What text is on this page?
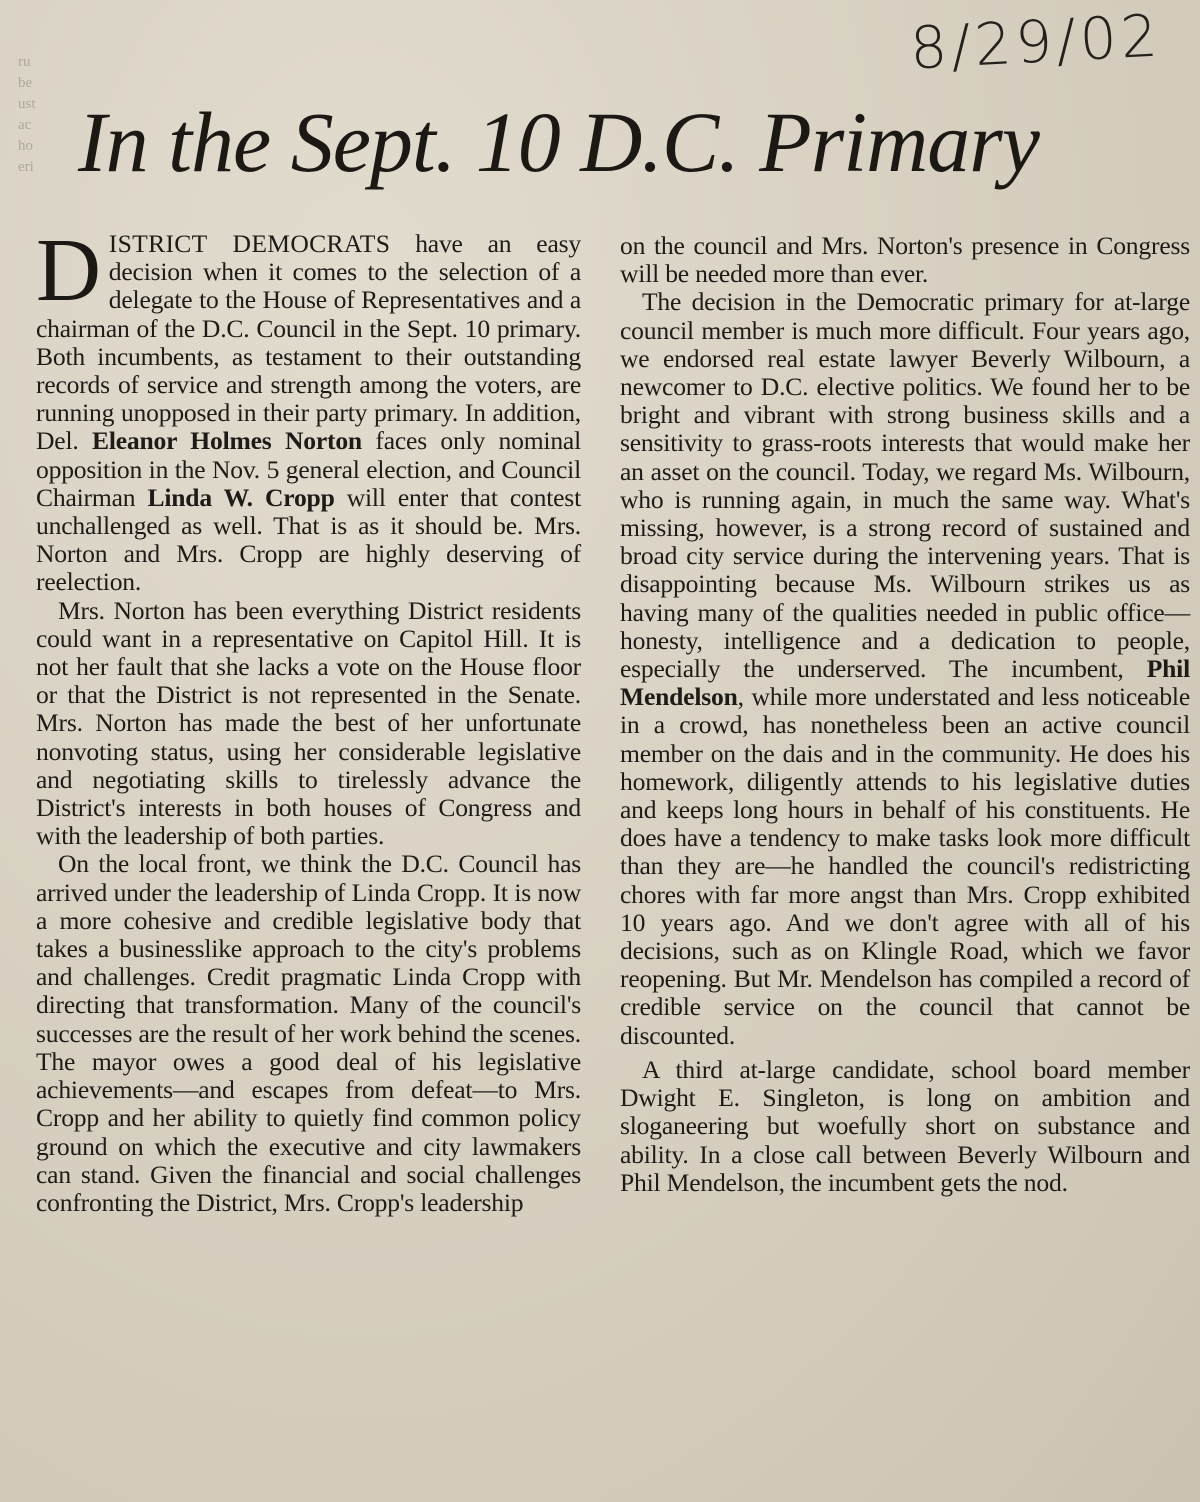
ru
be
ust
ac
ho
eri
8/29/02
In the Sept. 10 D.C. Primary

DISTRICT DEMOCRATS have an easy decision when it comes to the selection of a delegate to the House of Representatives and a chairman of the D.C. Council in the Sept. 10 primary. Both incumbents, as testament to their outstanding records of service and strength among the voters, are running unopposed in their party primary. In addition, Del. Eleanor Holmes Norton faces only nominal opposition in the Nov. 5 general election, and Council Chairman Linda W. Cropp will enter that contest unchallenged as well. That is as it should be. Mrs. Norton and Mrs. Cropp are highly deserving of reelection.

Mrs. Norton has been everything District residents could want in a representative on Capitol Hill. It is not her fault that she lacks a vote on the House floor or that the District is not represented in the Senate. Mrs. Norton has made the best of her unfortunate nonvoting status, using her considerable legislative and negotiating skills to tirelessly advance the District's interests in both houses of Congress and with the leadership of both parties.

On the local front, we think the D.C. Council has arrived under the leadership of Linda Cropp. It is now a more cohesive and credible legislative body that takes a businesslike approach to the city's problems and challenges. Credit pragmatic Linda Cropp with directing that transformation. Many of the council's successes are the result of her work behind the scenes. The mayor owes a good deal of his legislative achievements—and escapes from defeat—to Mrs. Cropp and her ability to quietly find common policy ground on which the executive and city lawmakers can stand. Given the financial and social challenges confronting the District, Mrs. Cropp's leadership

on the council and Mrs. Norton's presence in Congress will be needed more than ever.

The decision in the Democratic primary for at-large council member is much more difficult. Four years ago, we endorsed real estate lawyer Beverly Wilbourn, a newcomer to D.C. elective politics. We found her to be bright and vibrant with strong business skills and a sensitivity to grass-roots interests that would make her an asset on the council. Today, we regard Ms. Wilbourn, who is running again, in much the same way. What's missing, however, is a strong record of sustained and broad city service during the intervening years. That is disappointing because Ms. Wilbourn strikes us as having many of the qualities needed in public office—honesty, intelligence and a dedication to people, especially the underserved. The incumbent, Phil Mendelson, while more understated and less noticeable in a crowd, has nonetheless been an active council member on the dais and in the community. He does his homework, diligently attends to his legislative duties and keeps long hours in behalf of his constituents. He does have a tendency to make tasks look more difficult than they are—he handled the council's redistricting chores with far more angst than Mrs. Cropp exhibited 10 years ago. And we don't agree with all of his decisions, such as on Klingle Road, which we favor reopening. But Mr. Mendelson has compiled a record of credible service on the council that cannot be discounted.

A third at-large candidate, school board member Dwight E. Singleton, is long on ambition and sloganeering but woefully short on substance and ability. In a close call between Beverly Wilbourn and Phil Mendelson, the incumbent gets the nod.
